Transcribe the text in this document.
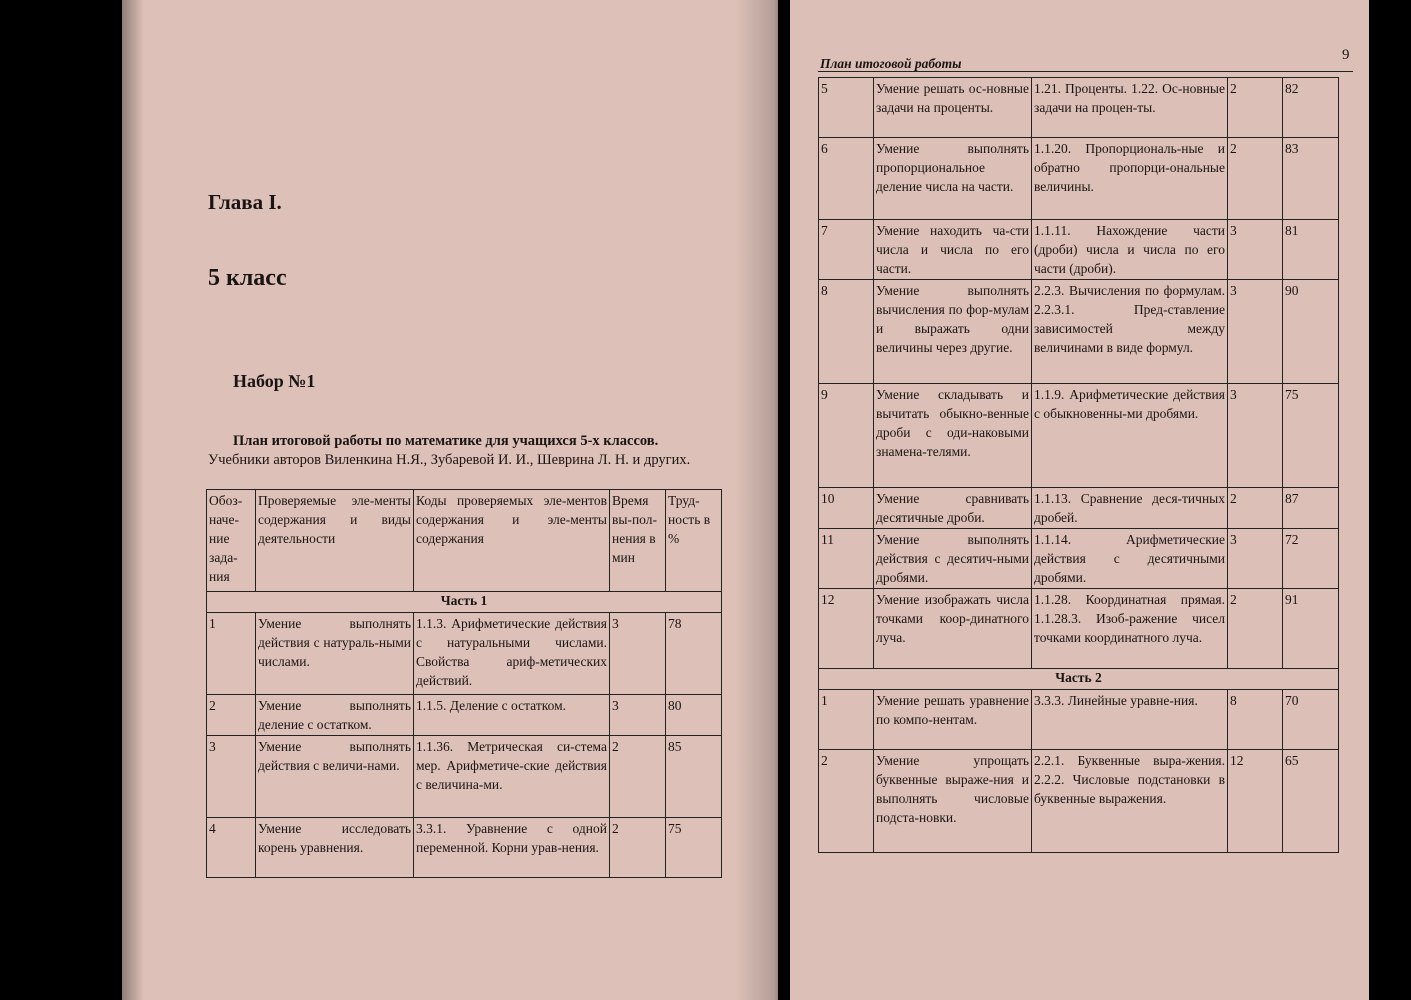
Глава I.
5 класс
Набор №1
План итоговой работы по математике для учащихся 5-х классов.
Учебники авторов Виленкина Н.Я., Зубаревой И. И., Шеврина Л. Н. и других.
Обоз-наче-ние зада-ния	Проверяемые эле-менты содержания и виды деятельности	Коды проверяемых эле-ментов содержания и эле-менты содержания	Время вы-пол-нения в мин	Труд-ность в %
Часть 1				
1	Умение выполнять действия с натураль-ными числами.	1.1.3. Арифметические действия с натуральными числами. Свойства ариф-метических действий.	3	78
2	Умение выполнять деление с остатком.	1.1.5. Деление с остатком.	3	80
3	Умение выполнять действия с величи-нами.	1.1.36. Метрическая си-стема мер. Арифметиче-ские действия с величина-ми.	2	85
4	Умение исследовать корень уравнения.	3.3.1. Уравнение с одной переменной. Корни урав-нения.	2	75
План итоговой работы
9
5	Умение решать ос-новные задачи на проценты.	1.21. Проценты. 1.22. Ос-новные задачи на процен-ты.	2	82
6	Умение выполнять пропорциональное деление числа на части.	1.1.20. Пропорциональ-ные и обратно пропорци-ональные величины.	2	83
7	Умение находить ча-сти числа и числа по его части.	1.1.11. Нахождение части (дроби) числа и числа по его части (дроби).	3	81
8	Умение выполнять вычисления по фор-мулам и выражать одни величины через другие.	2.2.3. Вычисления по формулам. 2.2.3.1. Пред-ставление зависимостей между величинами в виде формул.	3	90
9	Умение складывать и вычитать обыкно-венные дроби с оди-наковыми знамена-телями.	1.1.9. Арифметические действия с обыкновенны-ми дробями.	3	75
10	Умение сравнивать десятичные дроби.	1.1.13. Сравнение деся-тичных дробей.	2	87
11	Умение выполнять действия с десятич-ными дробями.	1.1.14. Арифметические действия с десятичными дробями.	3	72
12	Умение изображать числа точками коор-динатного луча.	1.1.28. Координатная прямая. 1.1.28.3. Изоб-ражение чисел точками координатного луча.	2	91
Часть 2				
1	Умение решать уравнение по компо-нентам.	3.3.3. Линейные уравне-ния.	8	70
2	Умение упрощать буквенные выраже-ния и выполнять числовые подста-новки.	2.2.1. Буквенные выра-жения. 2.2.2. Числовые подстановки в буквенные выражения.	12	65
